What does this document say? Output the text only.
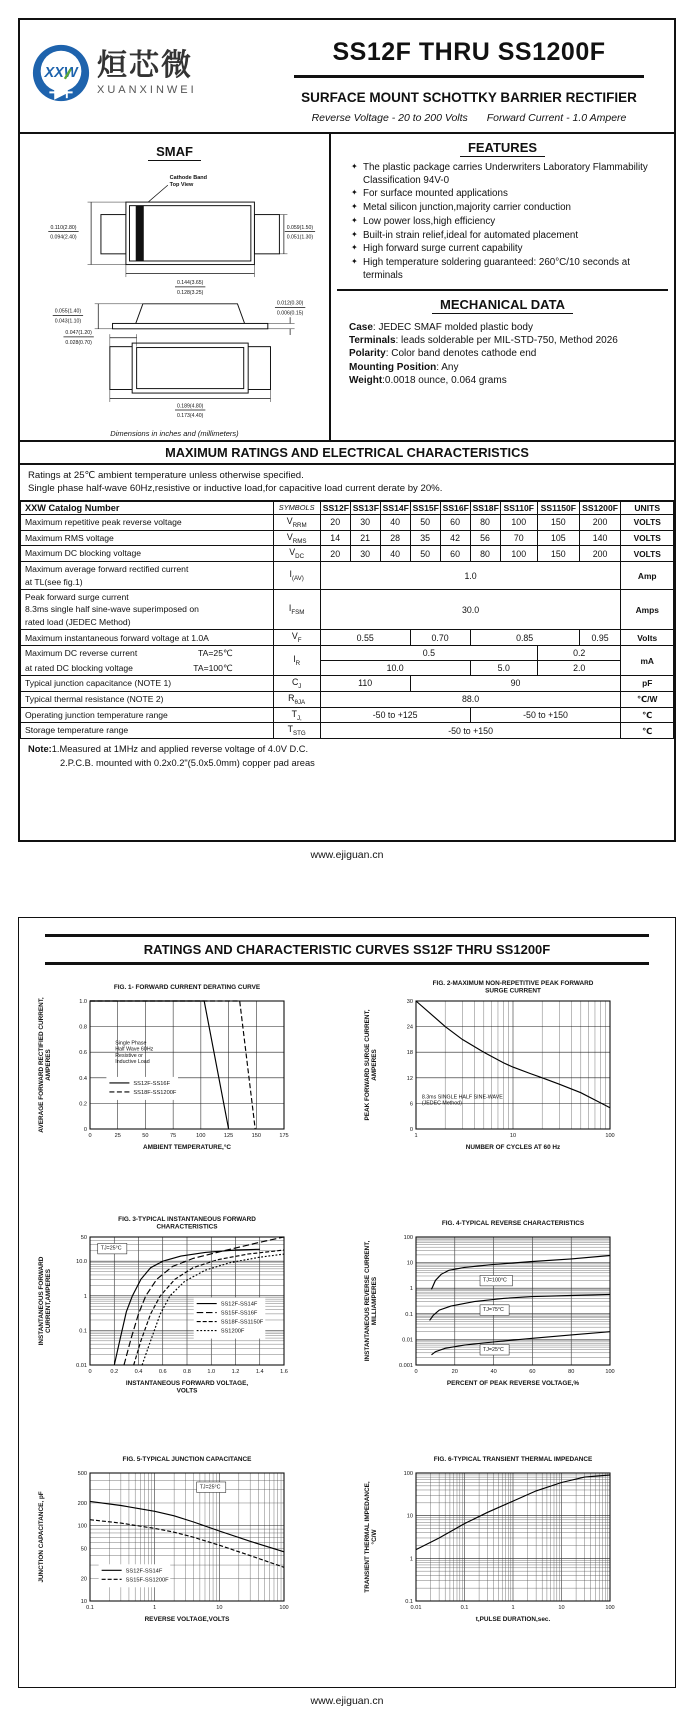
XXW 烜芯微
XUANXINWEI
SS12F THRU SS1200F
SURFACE MOUNT SCHOTTKY BARRIER RECTIFIER
Reverse Voltage - 20 to 200 Volts Forward Current - 1.0 Ampere
SMAF

Cathode Band
Top View
0.110(2.80)
0.094(2.40)
0.059(1.50)
0.051(1.30)
0.144(3.65)
0.128(3.25)
0.055(1.40)
0.043(1.10)
0.012(0.30)
0.006(0.15)
0.047(1.20)
0.028(0.70)
0.189(4.80)
0.173(4.40)
Dimensions in inches and (millimeters)
FEATURES
✦ The plastic package carries Underwriters Laboratory Flammability Classification 94V-0
✦ For surface mounted applications
✦ Metal silicon junction,majority carrier conduction
✦ Low power loss,high efficiency
✦ Built-in strain relief,ideal for automated placement
✦ High forward surge current capability
✦ High temperature soldering guaranteed: 260°C/10 seconds at terminals
MECHANICAL DATA
Case: JEDEC SMAF molded plastic body
Terminals: leads solderable per MIL-STD-750, Method 2026
Polarity: Color band denotes cathode end
Mounting Position: Any
Weight:0.0018 ounce, 0.064 grams
MAXIMUM RATINGS AND ELECTRICAL CHARACTERISTICS
Ratings at 25℃ ambient temperature unless otherwise specified.
Single phase half-wave 60Hz,resistive or inductive load,for capacitive load current derate by 20%.
XXW Catalog Number	SYMBOLS	SS12F	SS13F	SS14F	SS15F	SS16F	SS18F	SS110F	SS1150F	SS1200F	UNITS

Maximum repetitive peak reverse voltage	$V_{RRM}$	20	30	40	50	60	80	100	150	200	VOLTS

Maximum RMS voltage	$V_{RMS}$	14	21	28	35	42	56	70	105	140	VOLTS

Maximum DC blocking voltage	$V_{DC}$	20	30	40	50	60	80	100	150	200	VOLTS

Maximum average forward rectified current
at TL(see fig.1)	$I_{(AV)}$	1.0									Amp

Peak forward surge current
8.3ms single half sine-wave superimposed on
rated load (JEDEC Method)	$I_{FSM}$	30.0									Amps

Maximum instantaneous forward voltage at 1.0A	$V_F$	0.55			0.70		0.85			0.95	Volts

Maximum DC reverse current TA=25℃	$I_R$	0.5							0.2		mA

at rated DC blocking voltage TA=100℃		10.0					5.0		2.0		

Typical junction capacitance (NOTE 1)	$C_J$	110			90						pF

Typical thermal resistance (NOTE 2)	$R_{\theta JA}$	88.0									℃/W

Operating junction temperature range	$T_{J,}$	-50 to +125					-50 to +150				℃

Storage temperature range	$T_{STG}$	-50 to +150									℃
Note:1.Measured at 1MHz and applied reverse voltage of 4.0V D.C.
2.P.C.B. mounted with 0.2x0.2"(5.0x5.0mm) copper pad areas
www.ejiguan.cn
RATINGS AND CHARACTERISTIC CURVES SS12F THRU SS1200F
Single Phase
Half Wave 60Hz
Resistive or
Inductive Load
SS12F-SS16F
SS18F-SS1200F
0	25	50	75	100	125	150	175
0
0.2
0.4
0.6
0.8
1.0
FIG. 1- FORWARD CURRENT DERATING CURVE
AMBIENT TEMPERATURE,°C
AVERAGE FORWARD RECTIFIED CURRENT, AMPERES
8.3ms SINGLE HALF SINE-WAVE
(JEDEC Method)
1	10	100
0
6
12
18
24
30
FIG. 2-MAXIMUM NON-REPETITIVE PEAK FORWARD
SURGE CURRENT
NUMBER OF CYCLES AT 60 Hz
PEAK FORWARD SURGE CURRENT, AMPERES
TJ=25°C
SS12F-SS14F
SS15F-SS16F
SS18F-SS1150F
SS1200F
0	0.2	0.4	0.6	0.8	1.0	1.2	1.4	1.6
0.01
0.1
1
10.0
50
FIG. 3-TYPICAL INSTANTANEOUS FORWARD
CHARACTERISTICS
INSTANTANEOUS FORWARD VOLTAGE,
VOLTS
INSTANTANEOUS FORWARD CURRENT,AMPERES	TJ=100°C
TJ=75°C
TJ=25°C
0	20	40	60	80	100
0.001
0.01
0.1
1
10
100
FIG. 4-TYPICAL REVERSE CHARACTERISTICS
PERCENT OF PEAK REVERSE VOLTAGE,%
INSTANTANEOUS REVERSE CURRENT, MILLIAMPERES
TJ=25°C
SS12F-SS14F
SS15F-SS1200F
0.1	1	10	100
500
200
100
50
20
10
FIG. 5-TYPICAL JUNCTION CAPACITANCE
REVERSE VOLTAGE,VOLTS
JUNCTION CAPACITANCE, pF
0.01	0.1	1	10	100
0.1
1
10
100
FIG. 6-TYPICAL TRANSIENT THERMAL IMPEDANCE
t,PULSE DURATION,sec.
TRANSIENT THERMAL IMPEDANCE, °C/W
www.ejiguan.cn
